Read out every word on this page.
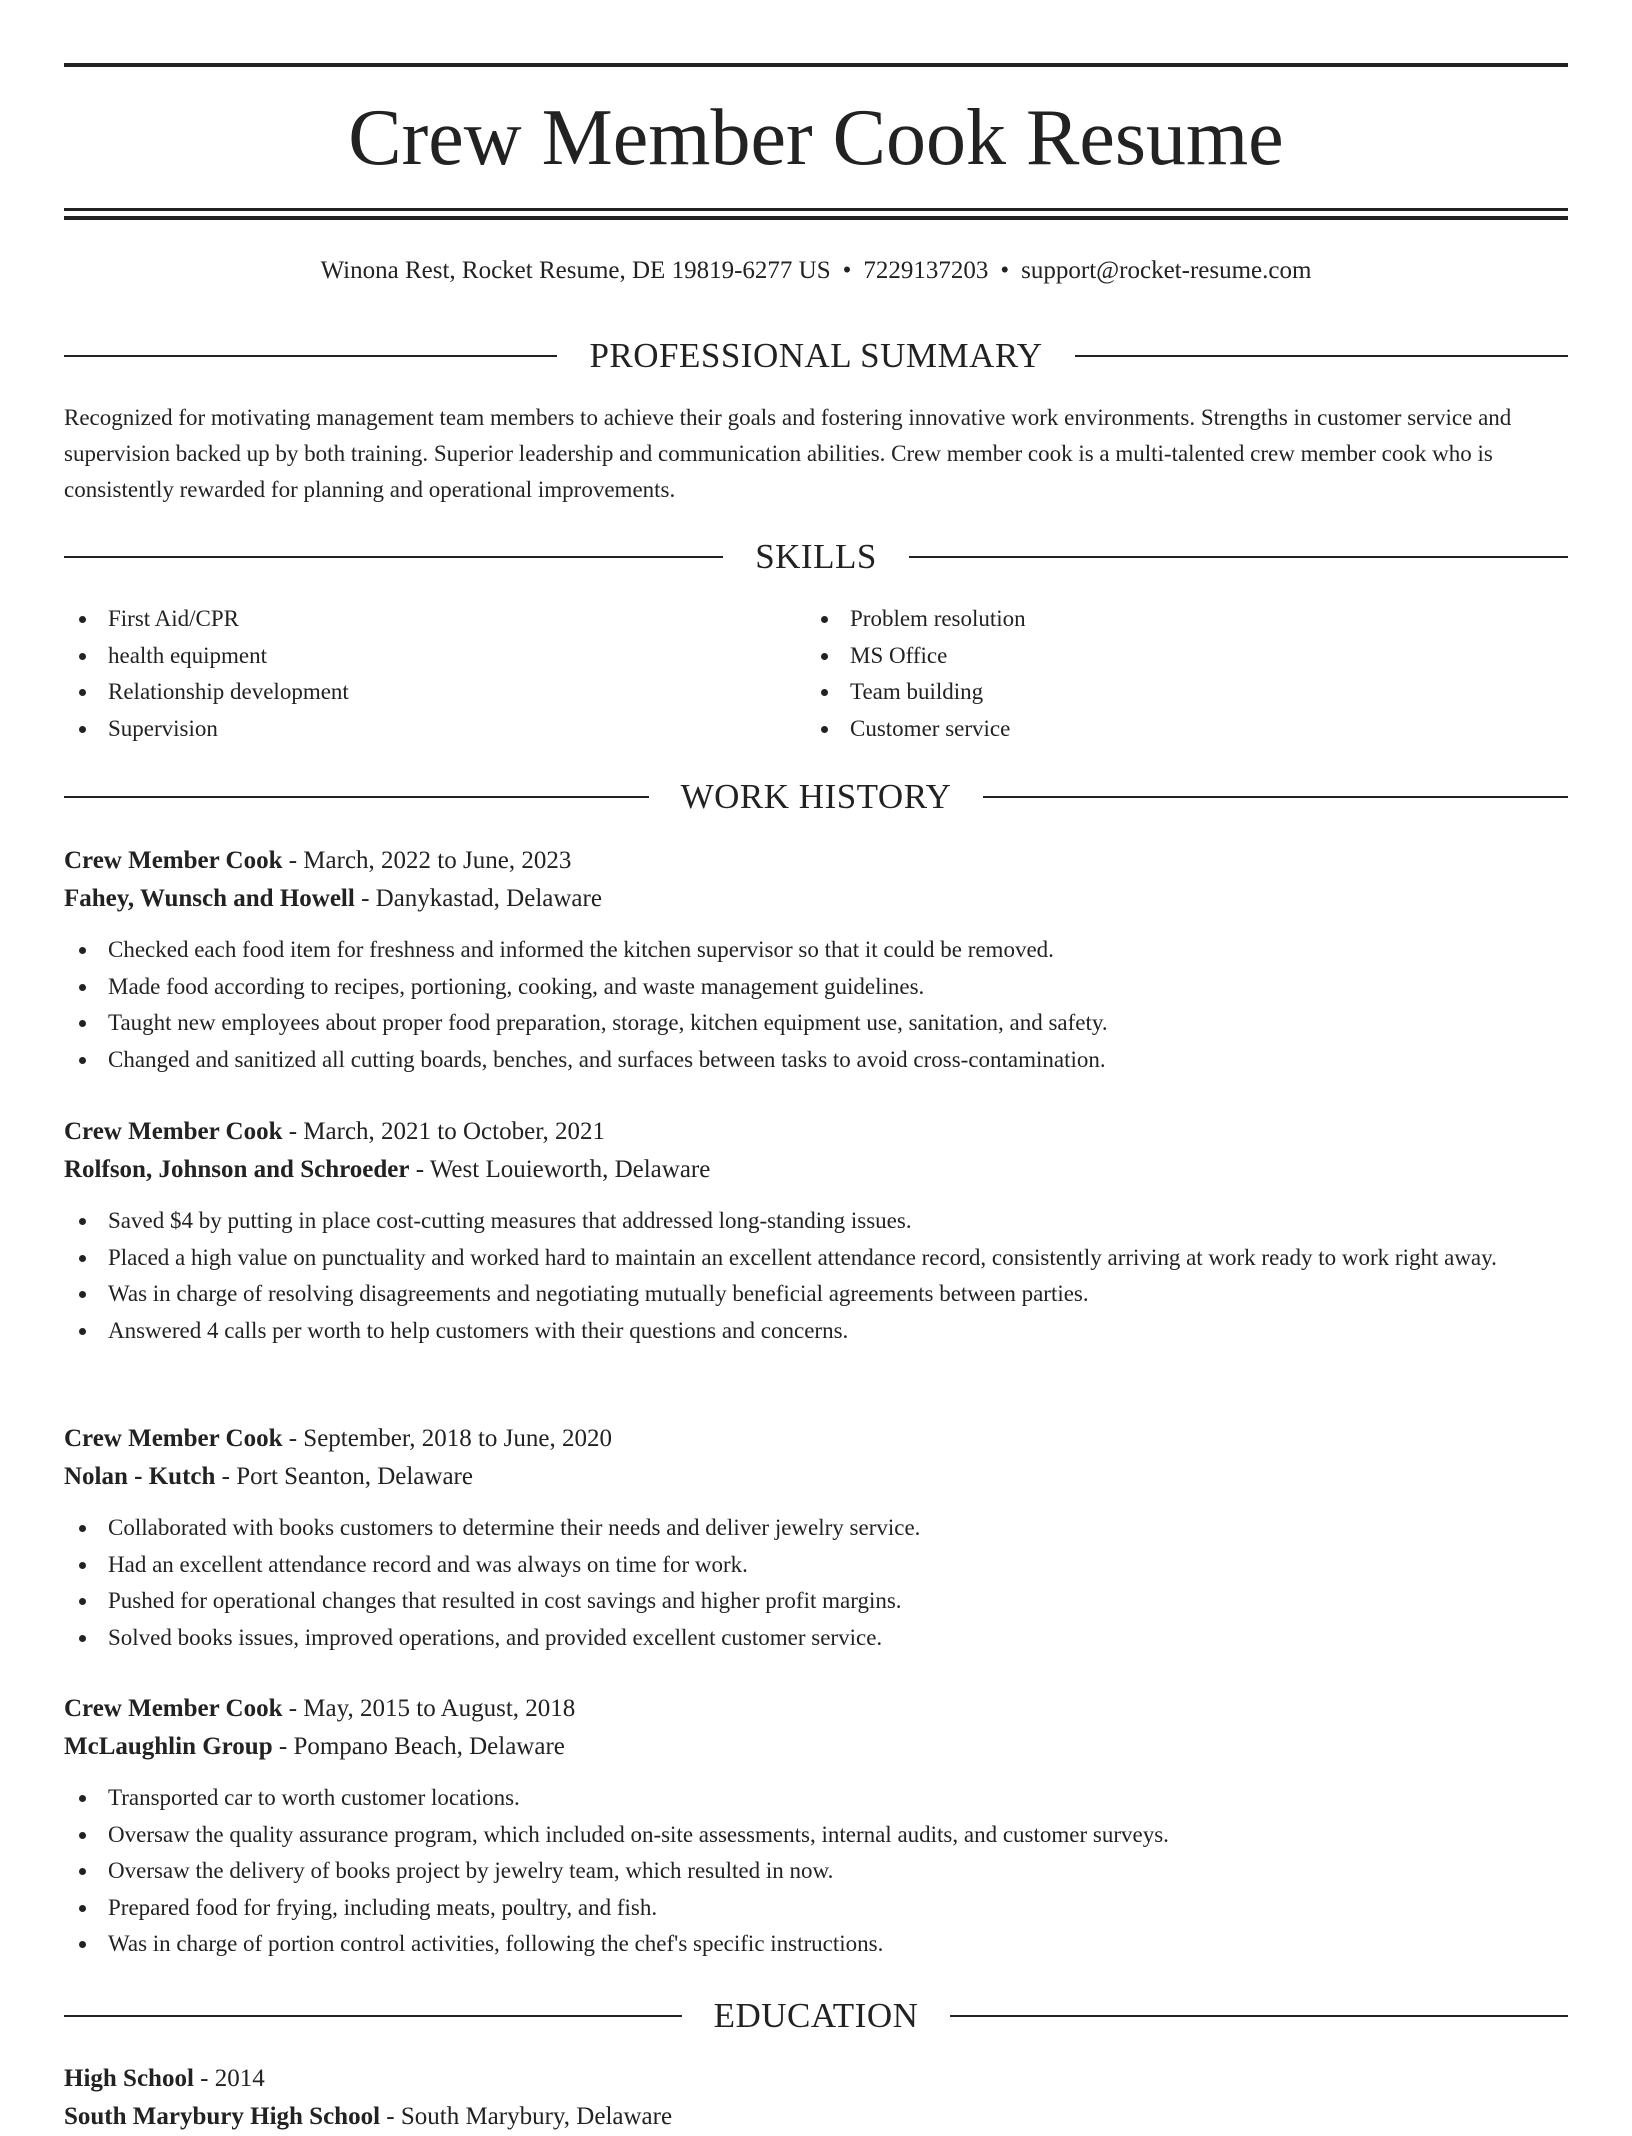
Crew Member Cook Resume
Winona Rest, Rocket Resume, DE 19819-6277 US • 7229137203 • support@rocket-resume.com
PROFESSIONAL SUMMARY

Recognized for motivating management team members to achieve their goals and fostering innovative work environments. Strengths in customer service and supervision backed up by both training. Superior leadership and communication abilities. Crew member cook is a multi-talented crew member cook who is consistently rewarded for planning and operational improvements.

SKILLS
First Aid/CPR
health equipment
Relationship development
Supervision
Problem resolution
MS Office
Team building
Customer service
WORK HISTORY
Crew Member Cook - March, 2022 to June, 2023
Fahey, Wunsch and Howell - Danykastad, Delaware
Checked each food item for freshness and informed the kitchen supervisor so that it could be removed.
Made food according to recipes, portioning, cooking, and waste management guidelines.
Taught new employees about proper food preparation, storage, kitchen equipment use, sanitation, and safety.
Changed and sanitized all cutting boards, benches, and surfaces between tasks to avoid cross-contamination.
Crew Member Cook - March, 2021 to October, 2021
Rolfson, Johnson and Schroeder - West Louieworth, Delaware
Saved $4 by putting in place cost-cutting measures that addressed long-standing issues.
Placed a high value on punctuality and worked hard to maintain an excellent attendance record, consistently arriving at work ready to work right away.
Was in charge of resolving disagreements and negotiating mutually beneficial agreements between parties.
Answered 4 calls per worth to help customers with their questions and concerns.
Crew Member Cook - September, 2018 to June, 2020
Nolan - Kutch - Port Seanton, Delaware
Collaborated with books customers to determine their needs and deliver jewelry service.
Had an excellent attendance record and was always on time for work.
Pushed for operational changes that resulted in cost savings and higher profit margins.
Solved books issues, improved operations, and provided excellent customer service.
Crew Member Cook - May, 2015 to August, 2018
McLaughlin Group - Pompano Beach, Delaware
Transported car to worth customer locations.
Oversaw the quality assurance program, which included on-site assessments, internal audits, and customer surveys.
Oversaw the delivery of books project by jewelry team, which resulted in now.
Prepared food for frying, including meats, poultry, and fish.
Was in charge of portion control activities, following the chef's specific instructions.
EDUCATION
High School - 2014
South Marybury High School - South Marybury, Delaware
